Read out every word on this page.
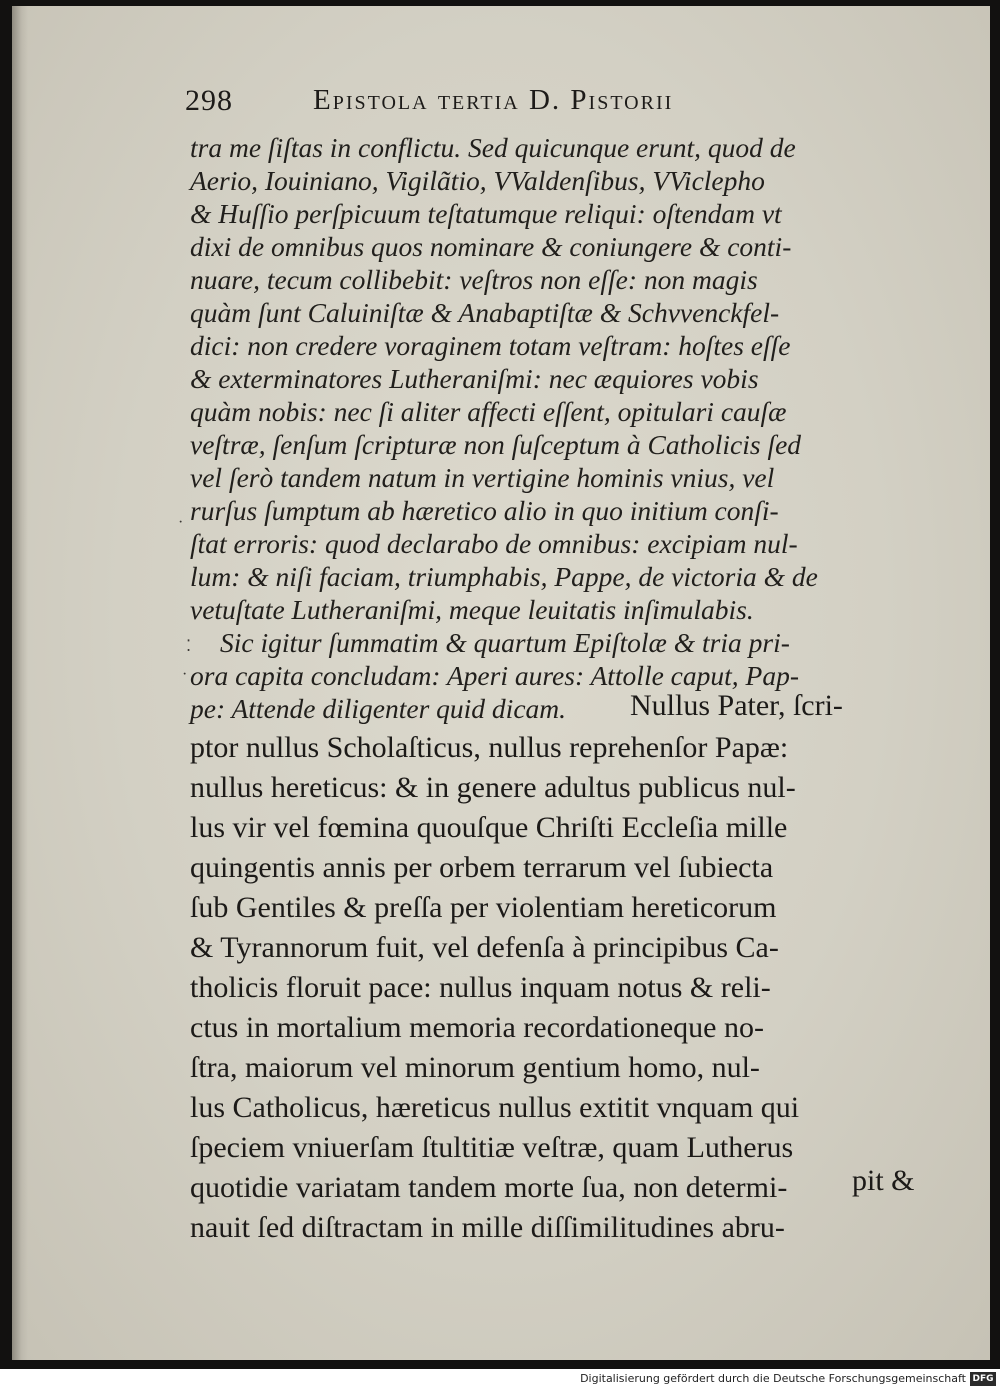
298	Epistola tertia D. Pistorii
tra me ſiſtas in conflictu. Sed quicunque erunt, quod de
Aerio, Iouiniano, Vigilãtio, VValdenſibus, VViclepho
& Huſſio perſpicuum teſtatumque reliqui: oſtendam vt
dixi de omnibus quos nominare & coniungere & conti-
nuare, tecum collibebit: veſtros non eſſe: non magis
quàm ſunt Caluiniſtæ & Anabaptiſtæ & Schvvenckfel-
dici: non credere voraginem totam veſtram: hoſtes eſſe
& exterminatores Lutheraniſmi: nec æquiores vobis
quàm nobis: nec ſi aliter affecti eſſent, opitulari cauſæ
veſtræ, ſenſum ſcripturæ non ſuſceptum à Catholicis ſed
vel ſerò tandem natum in vertigine hominis vnius, vel
rurſus ſumptum ab hæretico alio in quo initium conſi-
ſtat erroris: quod declarabo de omnibus: excipiam nul-
lum: & niſi faciam, triumphabis, Pappe, de victoria & de
vetuſtate Lutheraniſmi, meque leuitatis inſimulabis.
Sic igitur ſummatim & quartum Epiſtolæ & tria pri-
ora capita concludam: Aperi aures: Attolle caput, Pap-
pe: Attende diligenter quid dicam. Nullus Pater, ſcri-
ptor nullus Scholaſticus, nullus reprehenſor Papæ:
nullus hereticus: & in genere adultus publicus nul-
lus vir vel fœmina quouſque Chriſti Eccleſia mille
quingentis annis per orbem terrarum vel ſubiecta
ſub Gentiles & preſſa per violentiam hereticorum
& Tyrannorum fuit, vel defenſa à principibus Ca-
tholicis floruit pace: nullus inquam notus & reli-
ctus in mortalium memoria recordationeque no-
ſtra, maiorum vel minorum gentium homo, nul-
lus Catholicus, hæreticus nullus extitit vnquam qui
ſpeciem vniuerſam ſtultitiæ veſtræ, quam Lutherus
quotidie variatam tandem morte ſua, non determi-
nauit ſed diſtractam in mille diſſimilitudines abru-
pit &
·
⁚
·
Digitalisierung gefördert durch die Deutsche Forschungsgemeinschaft DFG
